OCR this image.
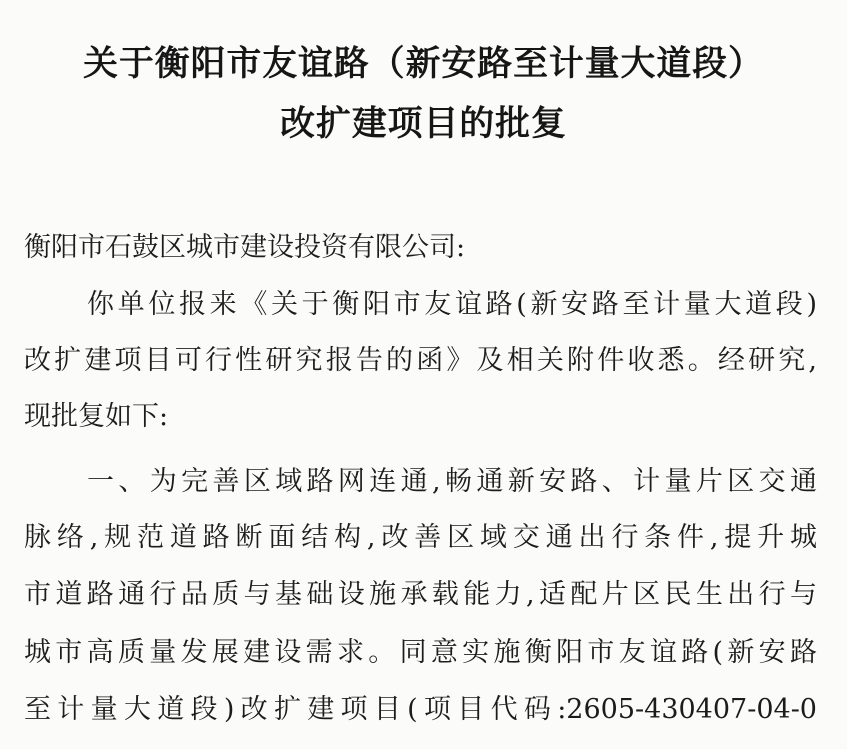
关于衡阳市友谊路（新安路至计量大道段）
改扩建项目的批复
衡阳市石鼓区城市建设投资有限公司:
你单位报来《关于衡阳市友谊路(新安路至计量大道段)
改扩建项目可行性研究报告的函》及相关附件收悉。经研究,
现批复如下:
一、为完善区域路网连通,畅通新安路、计量片区交通
脉络,规范道路断面结构,改善区域交通出行条件,提升城
市道路通行品质与基础设施承载能力,适配片区民生出行与
城市高质量发展建设需求。同意实施衡阳市友谊路(新安路
至计量大道段)改扩建项目(项目代码:2605-430407-04-0
